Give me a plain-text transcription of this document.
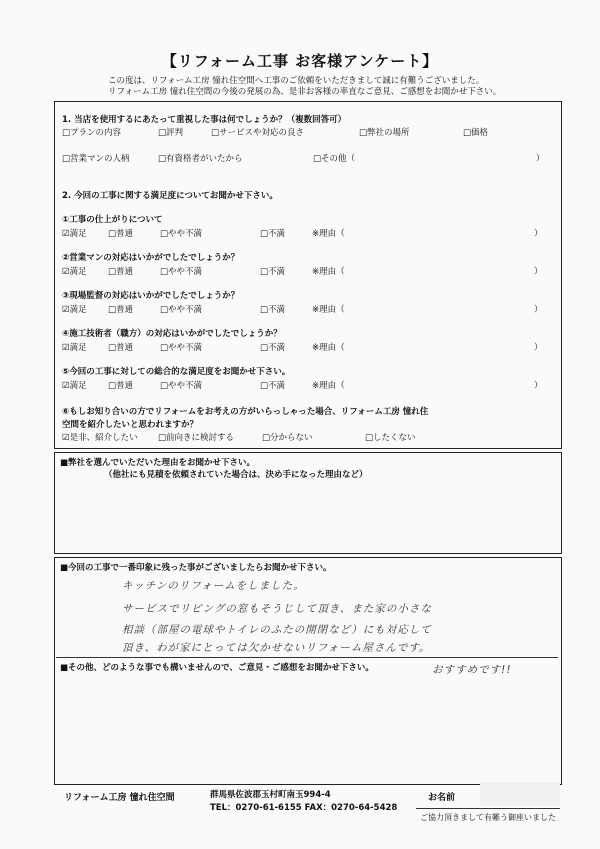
【リフォーム工事 お客様アンケート】
この度は、リフォーム工房 憧れ住空間へ工事のご依頼をいただきまして誠に有難うございました。
リフォーム工房 憧れ住空間の今後の発展の為、是非お客様の率直なご意見、ご感想をお聞かせ下さい。
1. 当店を使用するにあたって重視した事は何でしょうか？（複数回答可）
□プランの内容	□評判	□サービスや対応の良さ	□弊社の場所	□価格
□営業マンの人柄	□有資格者がいたから	□その他（	）
2. 今回の工事に関する満足度についてお聞かせ下さい。
①工事の仕上がりについて
☑満足	□普通	□やや不満	□不満	※理由（	）
②営業マンの対応はいかがでしたでしょうか？
☑満足	□普通	□やや不満	□不満	※理由（	）
③現場監督の対応はいかがでしたでしょうか？
☑満足	□普通	□やや不満	□不満	※理由（	）
④施工技術者（職方）の対応はいかがでしたでしょうか？
☑満足	□普通	□やや不満	□不満	※理由（	）
⑤今回の工事に対しての総合的な満足度をお聞かせ下さい。
☑満足	□普通	□やや不満	□不満	※理由（	）
⑥もしお知り合いの方でリフォームをお考えの方がいらっしゃった場合、リフォーム工房 憧れ住
空間を紹介したいと思われますか？
☑是非、紹介したい □前向きに検討する	□分からない	□したくない
■弊社を選んでいただいた理由をお聞かせ下さい。
（他社にも見積を依頼されていた場合は、決め手になった理由など）
■今回の工事で一番印象に残った事がございましたらお聞かせ下さい。
キッチンのリフォームをしました。
サービスでリビングの窓もそうじして頂き、また家の小さな
相談（部屋の電球やトイレのふたの開閉など）にも対応して
頂き、わが家にとっては欠かせないリフォーム屋さんです。
■その他、どのような事でも構いませんので、ご意見・ご感想をお聞かせ下さい。	おすすめです!!
リフォーム工房 憧れ住空間	群馬県佐波郡玉村町南玉994-4
TEL：0270-61-6155 FAX：0270-64-5428
お名前
ご協力頂きまして有難う御座いました
